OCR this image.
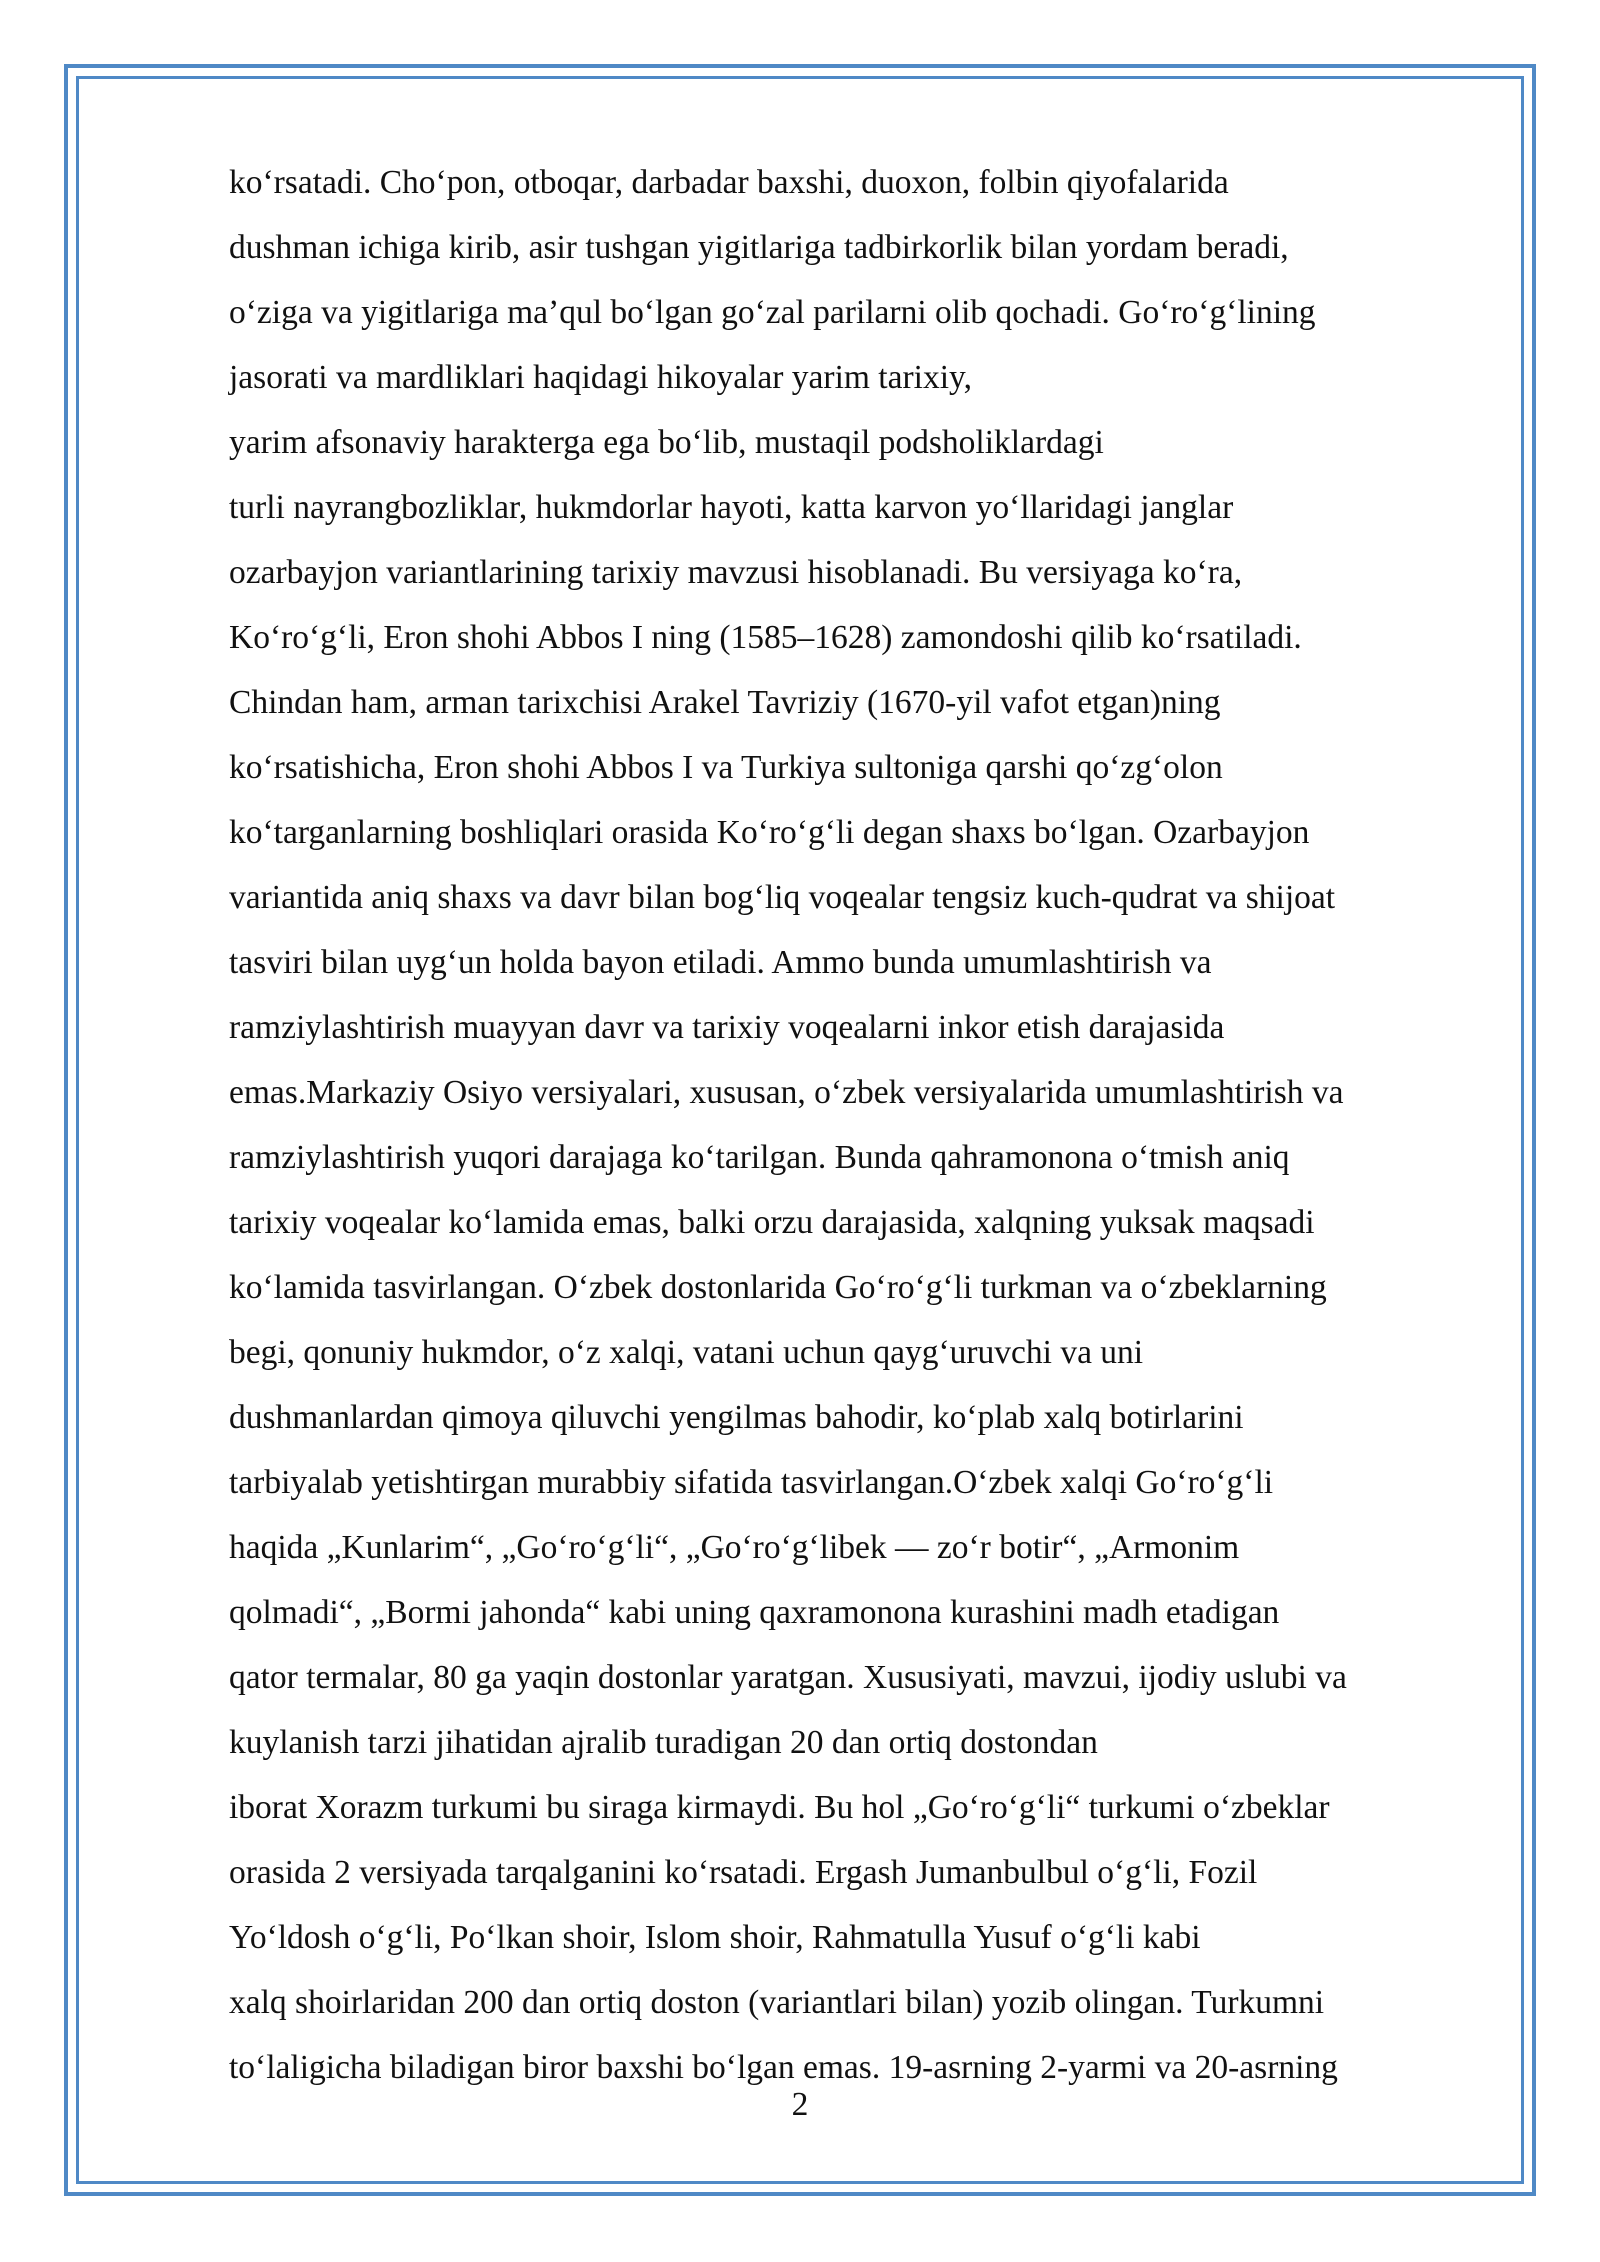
koʻrsatadi. Choʻpon, otboqar, darbadar baxshi, duoxon, folbin qiyofalarida
dushman ichiga kirib, asir tushgan yigitlariga tadbirkorlik bilan yordam beradi,
oʻziga va yigitlariga maʼqul boʻlgan goʻzal parilarni olib qochadi. Goʻroʻgʻlining
jasorati va mardliklari haqidagi hikoyalar yarim tarixiy,
yarim afsonaviy harakterga ega boʻlib, mustaqil podsholiklardagi
turli nayrangbozliklar, hukmdorlar hayoti, katta karvon yoʻllaridagi janglar
ozarbayjon variantlarining tarixiy mavzusi hisoblanadi. Bu versiyaga koʻra,
Koʻroʻgʻli, Eron shohi Abbos I ning (1585–1628) zamondoshi qilib koʻrsatiladi.
Chindan ham, arman tarixchisi Arakel Tavriziy (1670-yil vafot etgan)ning
koʻrsatishicha, Eron shohi Abbos I va Turkiya sultoniga qarshi qoʻzgʻolon
koʻtarganlarning boshliqlari orasida Koʻroʻgʻli degan shaxs boʻlgan. Ozarbayjon
variantida aniq shaxs va davr bilan bogʻliq voqealar tengsiz kuch-qudrat va shijoat
tasviri bilan uygʻun holda bayon etiladi. Ammo bunda umumlashtirish va
ramziylashtirish muayyan davr va tarixiy voqealarni inkor etish darajasida
emas.Markaziy Osiyo versiyalari, xususan, oʻzbek versiyalarida umumlashtirish va
ramziylashtirish yuqori darajaga koʻtarilgan. Bunda qahramonona oʻtmish aniq
tarixiy voqealar koʻlamida emas, balki orzu darajasida, xalqning yuksak maqsadi
koʻlamida tasvirlangan. Oʻzbek dostonlarida Goʻroʻgʻli turkman va oʻzbeklarning
begi, qonuniy hukmdor, oʻz xalqi, vatani uchun qaygʻuruvchi va uni
dushmanlardan qimoya qiluvchi yengilmas bahodir, koʻplab xalq botirlarini
tarbiyalab yetishtirgan murabbiy sifatida tasvirlangan.Oʻzbek xalqi Goʻroʻgʻli
haqida „Kunlarim“, „Goʻroʻgʻli“, „Goʻroʻgʻlibek — zoʻr botir“, „Armonim
qolmadi“, „Bormi jahonda“ kabi uning qaxramonona kurashini madh etadigan
qator termalar, 80 ga yaqin dostonlar yaratgan. Xususiyati, mavzui, ijodiy uslubi va
kuylanish tarzi jihatidan ajralib turadigan 20 dan ortiq dostondan
iborat Xorazm turkumi bu siraga kirmaydi. Bu hol „Goʻroʻgʻli“ turkumi oʻzbeklar
orasida 2 versiyada tarqalganini koʻrsatadi. Ergash Jumanbulbul oʻgʻli, Fozil
Yoʻldosh oʻgʻli, Poʻlkan shoir, Islom shoir, Rahmatulla Yusuf oʻgʻli kabi
xalq shoirlaridan 200 dan ortiq doston (variantlari bilan) yozib olingan. Turkumni
toʻlaligicha biladigan biror baxshi boʻlgan emas. 19-asrning 2-yarmi va 20-asrning
2
